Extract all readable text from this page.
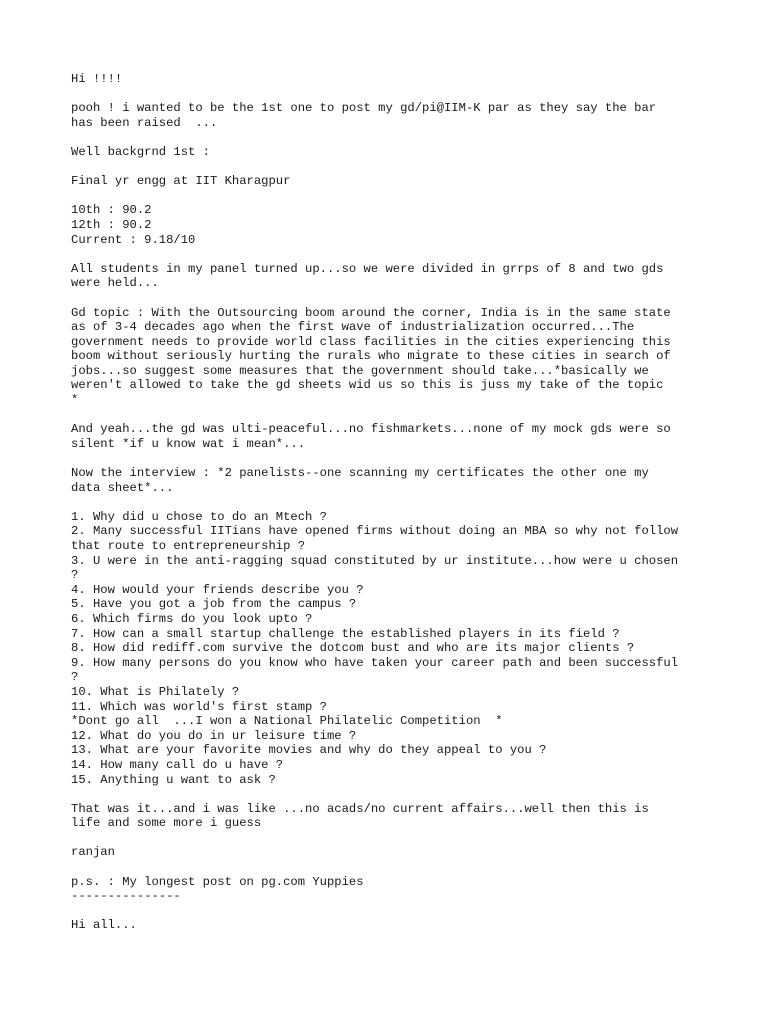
Hi !!!!
pooh ! i wanted to be the 1st one to post my gd/pi@IIM-K par as they say the bar
has been raised  ...
Well backgrnd 1st :
Final yr engg at IIT Kharagpur
10th : 90.2
12th : 90.2
Current : 9.18/10
All students in my panel turned up...so we were divided in grrps of 8 and two gds
were held...
Gd topic : With the Outsourcing boom around the corner, India is in the same state
as of 3-4 decades ago when the first wave of industrialization occurred...The
government needs to provide world class facilities in the cities experiencing this
boom without seriously hurting the rurals who migrate to these cities in search of
jobs...so suggest some measures that the government should take...*basically we
weren't allowed to take the gd sheets wid us so this is juss my take of the topic
*
And yeah...the gd was ulti-peaceful...no fishmarkets...none of my mock gds were so
silent *if u know wat i mean*...
Now the interview : *2 panelists--one scanning my certificates the other one my
data sheet*...
1. Why did u chose to do an Mtech ?
2. Many successful IITians have opened firms without doing an MBA so why not follow
that route to entrepreneurship ?
3. U were in the anti-ragging squad constituted by ur institute...how were u chosen
?
4. How would your friends describe you ?
5. Have you got a job from the campus ?
6. Which firms do you look upto ?
7. How can a small startup challenge the established players in its field ?
8. How did rediff.com survive the dotcom bust and who are its major clients ?
9. How many persons do you know who have taken your career path and been successful
?
10. What is Philately ?
11. Which was world's first stamp ?
*Dont go all  ...I won a National Philatelic Competition  *
12. What do you do in ur leisure time ?
13. What are your favorite movies and why do they appeal to you ?
14. How many call do u have ?
15. Anything u want to ask ?
That was it...and i was like ...no acads/no current affairs...well then this is
life and some more i guess
ranjan
p.s. : My longest post on pg.com Yuppies
---------------
Hi all...
